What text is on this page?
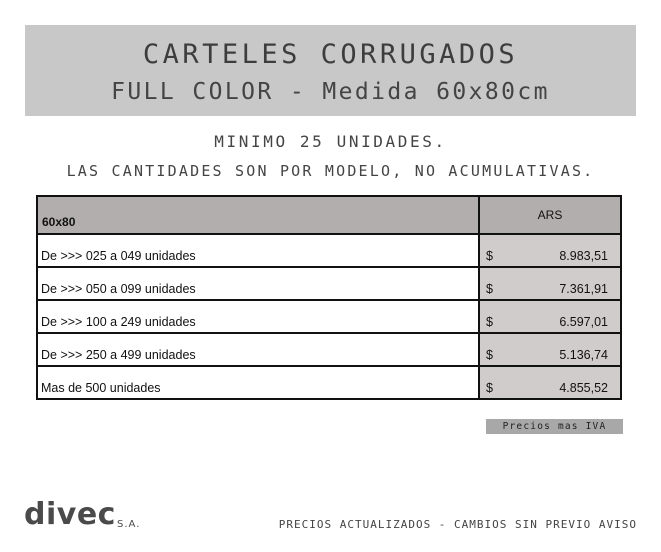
CARTELES CORRUGADOS
FULL COLOR - Medida 60x80cm
MINIMO 25 UNIDADES.
LAS CANTIDADES SON POR MODELO, NO ACUMULATIVAS.
60x80	ARS
De >>> 025 a 049 unidades	$ 8.983,51

De >>> 050 a 099 unidades	$ 7.361,91

De >>> 100 a 249 unidades	$ 6.597,01

De >>> 250 a 499 unidades	$ 5.136,74

Mas de 500 unidades	$ 4.855,52
Precios mas IVA
divec S.A.	PRECIOS ACTUALIZADOS - CAMBIOS SIN PREVIO AVISO
